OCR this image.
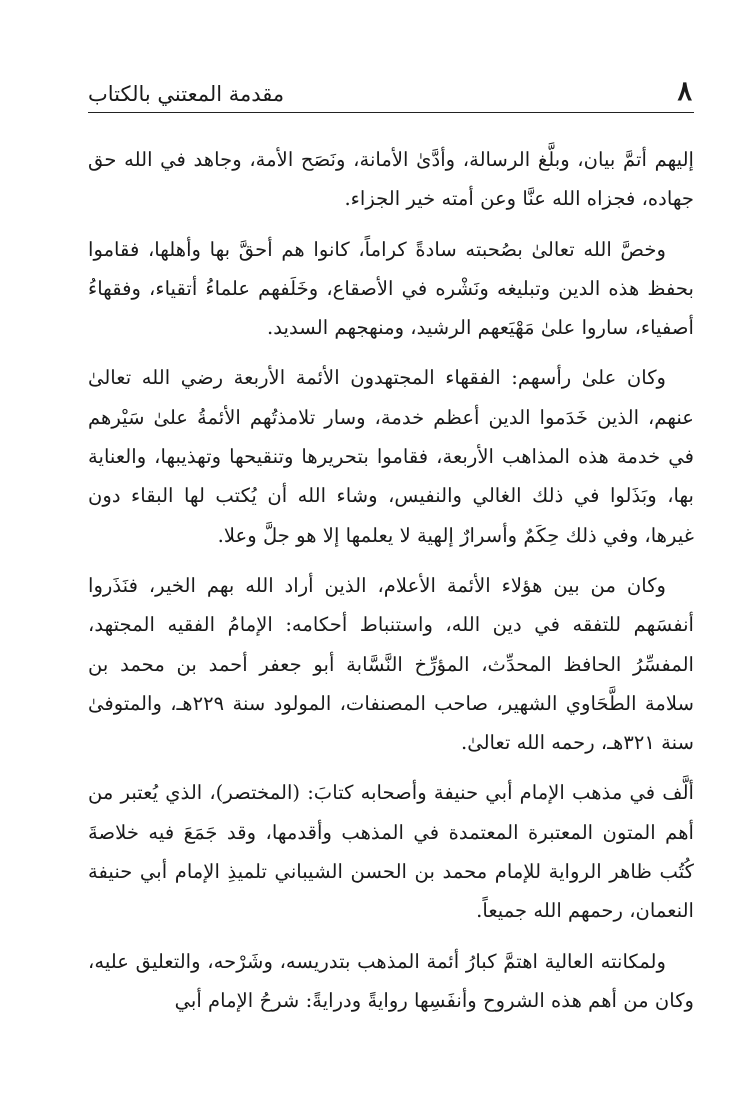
مقدمة المعتني بالكتاب	٨

إليهم أتمَّ بيان، وبلَّغ الرسالة، وأدَّىٰ الأمانة، ونَصَح الأمة، وجاهد في الله حق جهاده، فجزاه الله عنَّا وعن أمته خير الجزاء.

وخصَّ الله تعالىٰ بصُحبته سادةً كراماً، كانوا هم أحقَّ بها وأهلها، فقاموا بحفظ هذه الدين وتبليغه ونَشْره في الأصقاع، وخَلَفهم علماءُ أتقياء، وفقهاءُ أصفياء، ساروا علىٰ مَهْيَعهم الرشيد، ومنهجهم السديد.

وكان علىٰ رأسهم: الفقهاء المجتهدون الأئمة الأربعة رضي الله تعالىٰ عنهم، الذين خَدَموا الدين أعظم خدمة، وسار تلامذتُهم الأئمةُ علىٰ سَيْرهم في خدمة هذه المذاهب الأربعة، فقاموا بتحريرها وتنقيحها وتهذيبها، والعناية بها، وبَذَلوا في ذلك الغالي والنفيس، وشاء الله أن يُكتب لها البقاء دون غيرها، وفي ذلك حِكَمٌ وأسرارٌ إلهية لا يعلمها إلا هو جلَّ وعلا.

وكان من بين هؤلاء الأئمة الأعلام، الذين أراد الله بهم الخير، فنَذَروا أنفسَهم للتفقه في دين الله، واستنباط أحكامه: الإمامُ الفقيه المجتهد، المفسِّرُ الحافظ المحدِّث، المؤرِّخ النَّسَّابة أبو جعفر أحمد بن محمد بن سلامة الطَّحَاوي الشهير، صاحب المصنفات، المولود سنة ٢٢٩هـ، والمتوفىٰ سنة ٣٢١هـ، رحمه الله تعالىٰ.

ألَّف في مذهب الإمام أبي حنيفة وأصحابه كتابَ: (المختصر)، الذي يُعتبر من أهم المتون المعتبرة المعتمدة في المذهب وأقدمها، وقد جَمَعَ فيه خلاصةَ كُتُب ظاهر الرواية للإمام محمد بن الحسن الشيباني تلميذِ الإمام أبي حنيفة النعمان، رحمهم الله جميعاً.

ولمكانته العالية اهتمَّ كبارُ أئمة المذهب بتدريسه، وشَرْحه، والتعليق عليه، وكان من أهم هذه الشروح وأنفَسِها روايةً ودرايةً: شرحُ الإمام أبي
